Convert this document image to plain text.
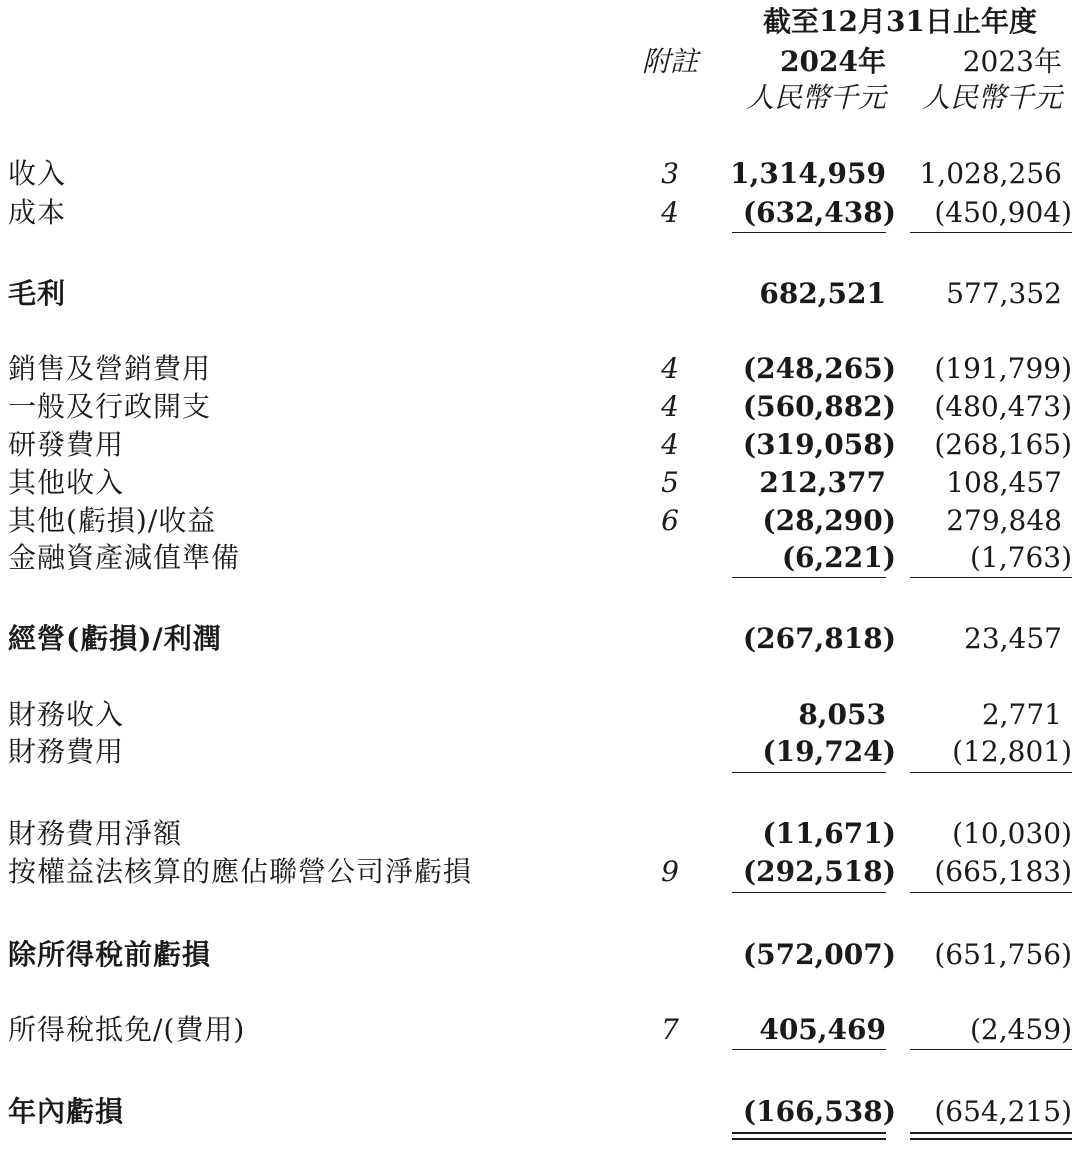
截至12月31日止年度
附註	2024年	2023年
人民幣千元 人民幣千元
收入	3	1,314,959 1,028,256
成本	4	(632,438) (450,904)
毛利	682,521 577,352
銷售及營銷費用	4	(248,265) (191,799)
一般及行政開支	4	(560,882) (480,473)
研發費用	4	(319,058) (268,165)
其他收入	5	212,377 108,457
其他(虧損)/收益	6	(28,290) 279,848
金融資產減值準備	(6,221)	(1,763)
經營(虧損)/利潤	(267,818) 23,457
財務收入	8,053	2,771
財務費用	(19,724) (12,801)
財務費用淨額	(11,671) (10,030)
按權益法核算的應佔聯營公司淨虧損	9	(292,518) (665,183)
除所得稅前虧損	(572,007) (651,756)
所得稅抵免/(費用)	7	405,469	(2,459)
年內虧損	(166,538) (654,215)
